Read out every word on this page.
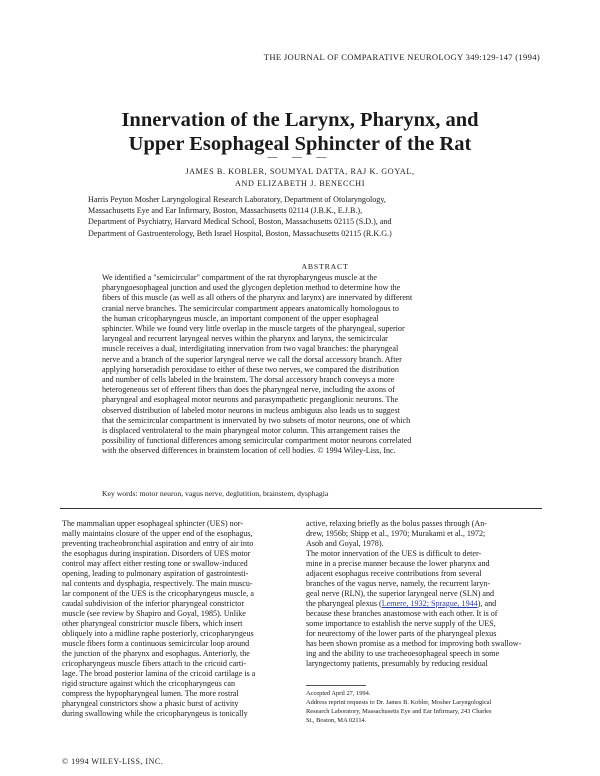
THE JOURNAL OF COMPARATIVE NEUROLOGY 349:129-147 (1994)
Innervation of the Larynx, Pharynx, and
Upper Esophageal Sphincter of the Rat
— — —
JAMES B. KOBLER, SOUMYAL DATTA, RAJ K. GOYAL,
AND ELIZABETH J. BENECCHI
Harris Peyton Mosher Laryngological Research Laboratory, Department of Otolaryngology,
Massachusetts Eye and Ear Infirmary, Boston, Massachusetts 02114 (J.B.K., E.J.B.),
Department of Psychiatry, Harvard Medical School, Boston, Massachusetts 02115 (S.D.), and
Department of Gastroenterology, Beth Israel Hospital, Boston, Massachusetts 02115 (R.K.G.)
ABSTRACT
We identified a "semicircular" compartment of the rat thyropharyngeus muscle at the
pharyngoesophageal junction and used the glycogen depletion method to determine how the
fibers of this muscle (as well as all others of the pharynx and larynx) are innervated by different
cranial nerve branches. The semicircular compartment appears anatomically homologous to
the human cricopharyngeus muscle, an important component of the upper esophageal
sphincter. While we found very little overlap in the muscle targets of the pharyngeal, superior
laryngeal and recurrent laryngeal nerves within the pharynx and larynx, the semicircular
muscle receives a dual, interdigitating innervation from two vagal branches: the pharyngeal
nerve and a branch of the superior laryngeal nerve we call the dorsal accessory branch. After
applying horseradish peroxidase to either of these two nerves, we compared the distribution
and number of cells labeled in the brainstem. The dorsal accessory branch conveys a more
heterogeneous set of efferent fibers than does the pharyngeal nerve, including the axons of
pharyngeal and esophageal motor neurons and parasympathetic preganglionic neurons. The
observed distribution of labeled motor neurons in nucleus ambiguus also leads us to suggest
that the semicircular compartment is innervated by two subsets of motor neurons, one of which
is displaced ventrolateral to the main pharyngeal motor column. This arrangement raises the
possibility of functional differences among semicircular compartment motor neurons correlated
with the observed differences in brainstem location of cell bodies. © 1994 Wiley-Liss, Inc.
Key words: motor neuron, vagus nerve, deglutition, brainstem, dysphagia
The mammalian upper esophageal sphincter (UES) nor-
mally maintains closure of the upper end of the esophagus,
preventing tracheobronchial aspiration and entry of air into
the esophagus during inspiration. Disorders of UES motor
control may affect either resting tone or swallow-induced
opening, leading to pulmonary aspiration of gastrointesti-
nal contents and dysphagia, respectively. The main muscu-
lar component of the UES is the cricopharyngeus muscle, a
caudal subdivision of the inferior pharyngeal constrictor
muscle (see review by Shapiro and Goyal, 1985). Unlike
other pharyngeal constrictor muscle fibers, which insert
obliquely into a midline raphe posteriorly, cricopharyngeus
muscle fibers form a continuous semicircular loop around
the junction of the pharynx and esophagus. Anteriorly, the
cricopharyngeus muscle fibers attach to the cricoid carti-
lage. The broad posterior lamina of the cricoid cartilage is a
rigid structure against which the cricopharyngeus can
compress the hypopharyngeal lumen. The more rostral
pharyngeal constrictors show a phasic burst of activity
during swallowing while the cricopharyngeus is tonically
active, relaxing briefly as the bolus passes through (An-
drew, 1956b; Shipp et al., 1970; Murakami et al., 1972;
Asoh and Goyal, 1978).
The motor innervation of the UES is difficult to deter-
mine in a precise manner because the lower pharynx and
adjacent esophagus receive contributions from several
branches of the vagus nerve, namely, the recurrent laryn-
geal nerve (RLN), the superior laryngeal nerve (SLN) and
the pharyngeal plexus (Lemere, 1932; Sprague, 1944), and
because these branches anastomose with each other. It is of
some importance to establish the nerve supply of the UES,
for neurectomy of the lower parts of the pharyngeal plexus
has been shown promise as a method for improving both swallow-
ing and the ability to use tracheoesophageal speech in some
laryngectomy patients, presumably by reducing residual
Accepted April 27, 1994.
Address reprint requests to Dr. James B. Kobler, Mosher Laryngological
Research Laboratory, Massachusetts Eye and Ear Infirmary, 243 Charles
St., Boston, MA 02114.
© 1994 WILEY-LISS, INC.
